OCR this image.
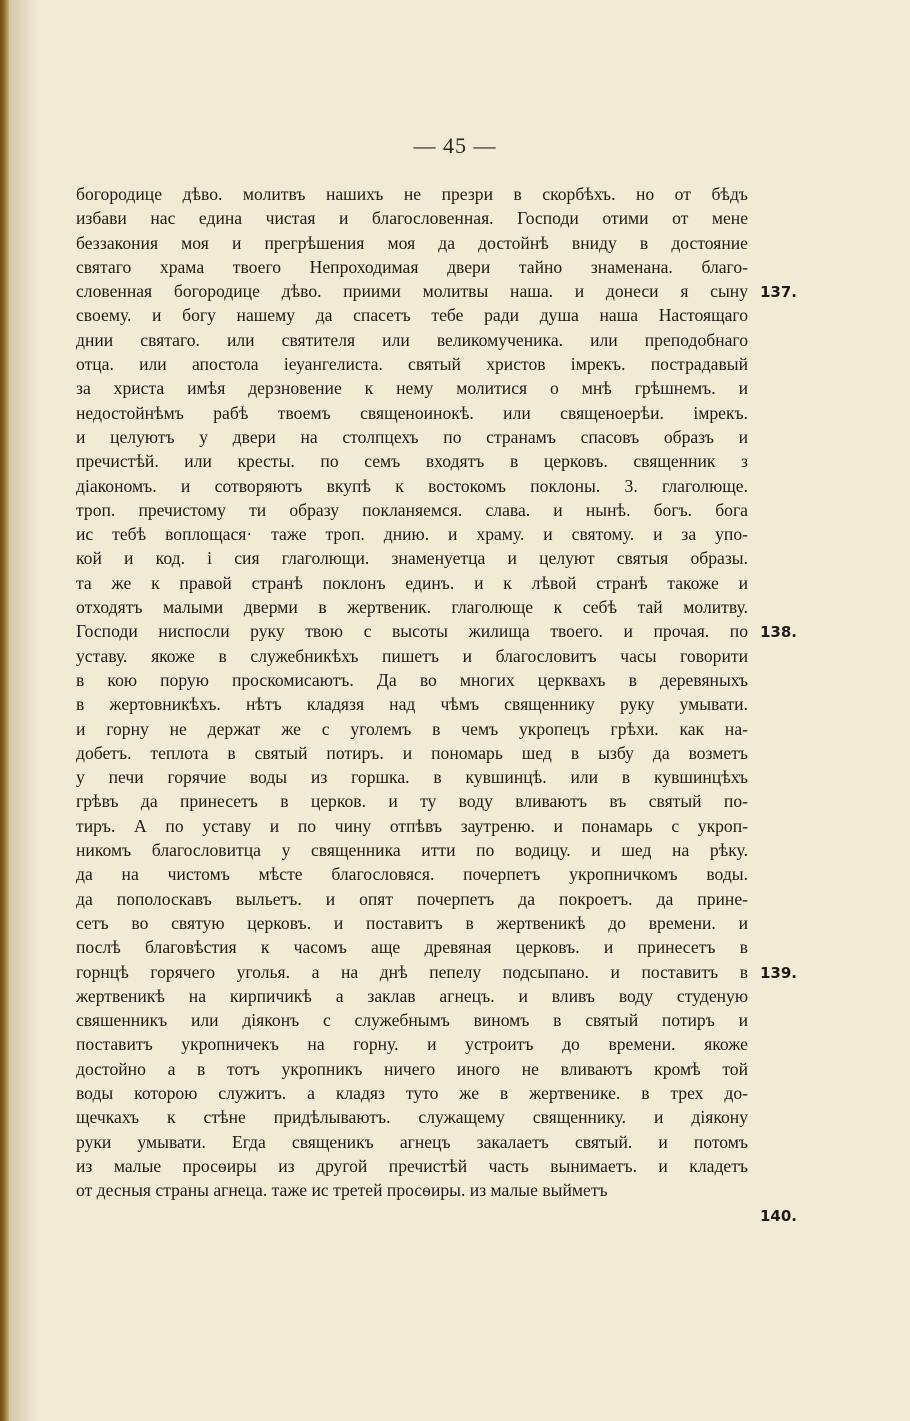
— 45 —
богородице дѣво. молитвъ нашихъ не презри в скорбѣхъ. но от бѣдъ
избави нас едина чистая и благословенная. Господи отими от мене
беззакония моя и прегрѣшения моя да достойнѣ вниду в достояние
святаго храма твоего Непроходимая двери тайно знаменана. благо-
словенная богородице дѣво. приими молитвы наша. и донеси я сыну
своему. и богу нашему да спасетъ тебе ради душа наша Настоящаго
днии святаго. или святителя или великомученика. или преподобнаго
отца. или апостола іеуангелиста. святый христов імрекъ. пострадавый
за христа имѣя дерзновение к нему молитися о мнѣ грѣшнемъ. и
недостойнѣмъ рабѣ твоемъ священоинокѣ. или священоерѣи. імрекъ.
и целуютъ у двери на столпцехъ по странамъ спасовъ образъ и
пречистѣй. или кресты. по семъ входятъ в церковъ. священник з
діакономъ. и сотворяютъ вкупѣ к востокомъ поклоны. 3. глаголюще.
троп. пречистому ти образу покланяемся. слава. и нынѣ. богъ. бога
ис тебѣ воплощася· таже троп. днию. и храму. и святому. и за упо-
кой и код. і сия глаголющи. знаменуетца и целуют святыя образы.
та же к правой странѣ поклонъ единъ. и к лѣвой странѣ такоже и
отходятъ малыми дверми в жертвеник. глаголюще к себѣ тай молитву.
Господи ниспосли руку твою с высоты жилища твоего. и прочая. по
уставу. якоже в служебникѣхъ пишетъ и благословитъ часы говорити
в кою порую проскомисаютъ. Да во многих церквахъ в деревяныхъ
в жертовникѣхъ. нѣтъ кладязя над чѣмъ священнику руку умывати.
и горну не держат же с уголемъ в чемъ укропецъ грѣхи. как на-
добетъ. теплота в святый потиръ. и пономарь шед в ызбу да возметъ
у печи горячие воды из горшка. в кувшинцѣ. или в кувшинцѣхъ
грѣвъ да принесетъ в церков. и ту воду вливаютъ въ святый по-
тиръ. А по уставу и по чину отпѣвъ заутреню. и понамарь с укроп-
никомъ благословитца у священника итти по водицу. и шед на рѣку.
да на чистомъ мѣсте благословяся. почерпетъ укропничкомъ воды.
да пополоскавъ выльетъ. и опят почерпетъ да покроетъ. да прине-
сетъ во святую церковъ. и поставитъ в жертвеникѣ до времени. и
послѣ благовѣстия к часомъ аще древяная церковъ. и принесетъ в
горнцѣ горячего уголья. а на днѣ пепелу подсыпано. и поставитъ в
жертвеникѣ на кирпичикѣ а заклав агнецъ. и вливъ воду студеную
свяшенникъ или діяконъ с служебнымъ виномъ в святый потиръ и
поставитъ укропничекъ на горну. и устроитъ до времени. якоже
достойно а в тотъ укропникъ ничего иного не вливаютъ кромѣ той
воды которою служитъ. а кладяз туто же в жертвенике. в трех до-
щечкахъ к стѣне придѣлываютъ. служащему священнику. и діякону
руки умывати. Егда священикъ агнецъ закалаетъ святый. и потомъ
из малые просѳиры из другой пречистѣй часть вынимаетъ. и кладетъ
от десныя страны агнеца. таже ис третей просѳиры. из малые выйметъ
137.
138.
139.
140.
